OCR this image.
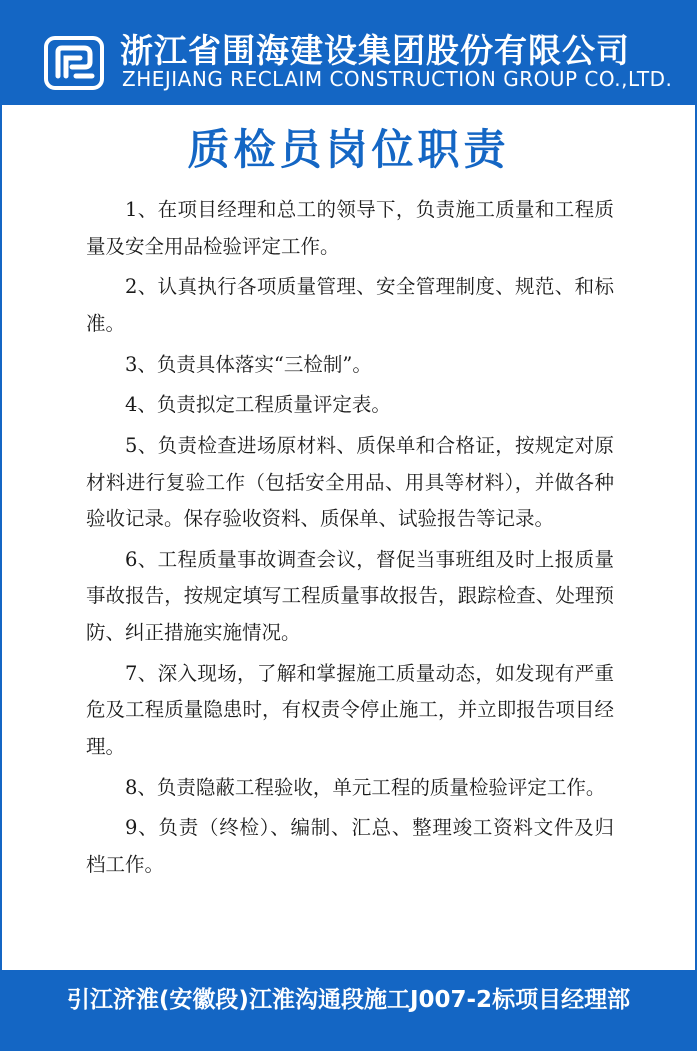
浙江省围海建设集团股份有限公司
ZHEJIANG RECLAIM CONSTRUCTION GROUP CO.,LTD.
质检员岗位职责

1、在项目经理和总工的领导下，负责施工质量和工程质量及安全用品检验评定工作。

2、认真执行各项质量管理、安全管理制度、规范、和标准。

3、负责具体落实“三检制”。

4、负责拟定工程质量评定表。

5、负责检查进场原材料、质保单和合格证，按规定对原材料进行复验工作（包括安全用品、用具等材料），并做各种验收记录。保存验收资料、质保单、试验报告等记录。

6、工程质量事故调查会议，督促当事班组及时上报质量事故报告，按规定填写工程质量事故报告，跟踪检查、处理预防、纠正措施实施情况。

7、深入现场，了解和掌握施工质量动态，如发现有严重危及工程质量隐患时，有权责令停止施工，并立即报告项目经理。

8、负责隐蔽工程验收，单元工程的质量检验评定工作。

9、负责（终检）、编制、汇总、整理竣工资料文件及归档工作。

引江济淮(安徽段)江淮沟通段施工J007-2标项目经理部
